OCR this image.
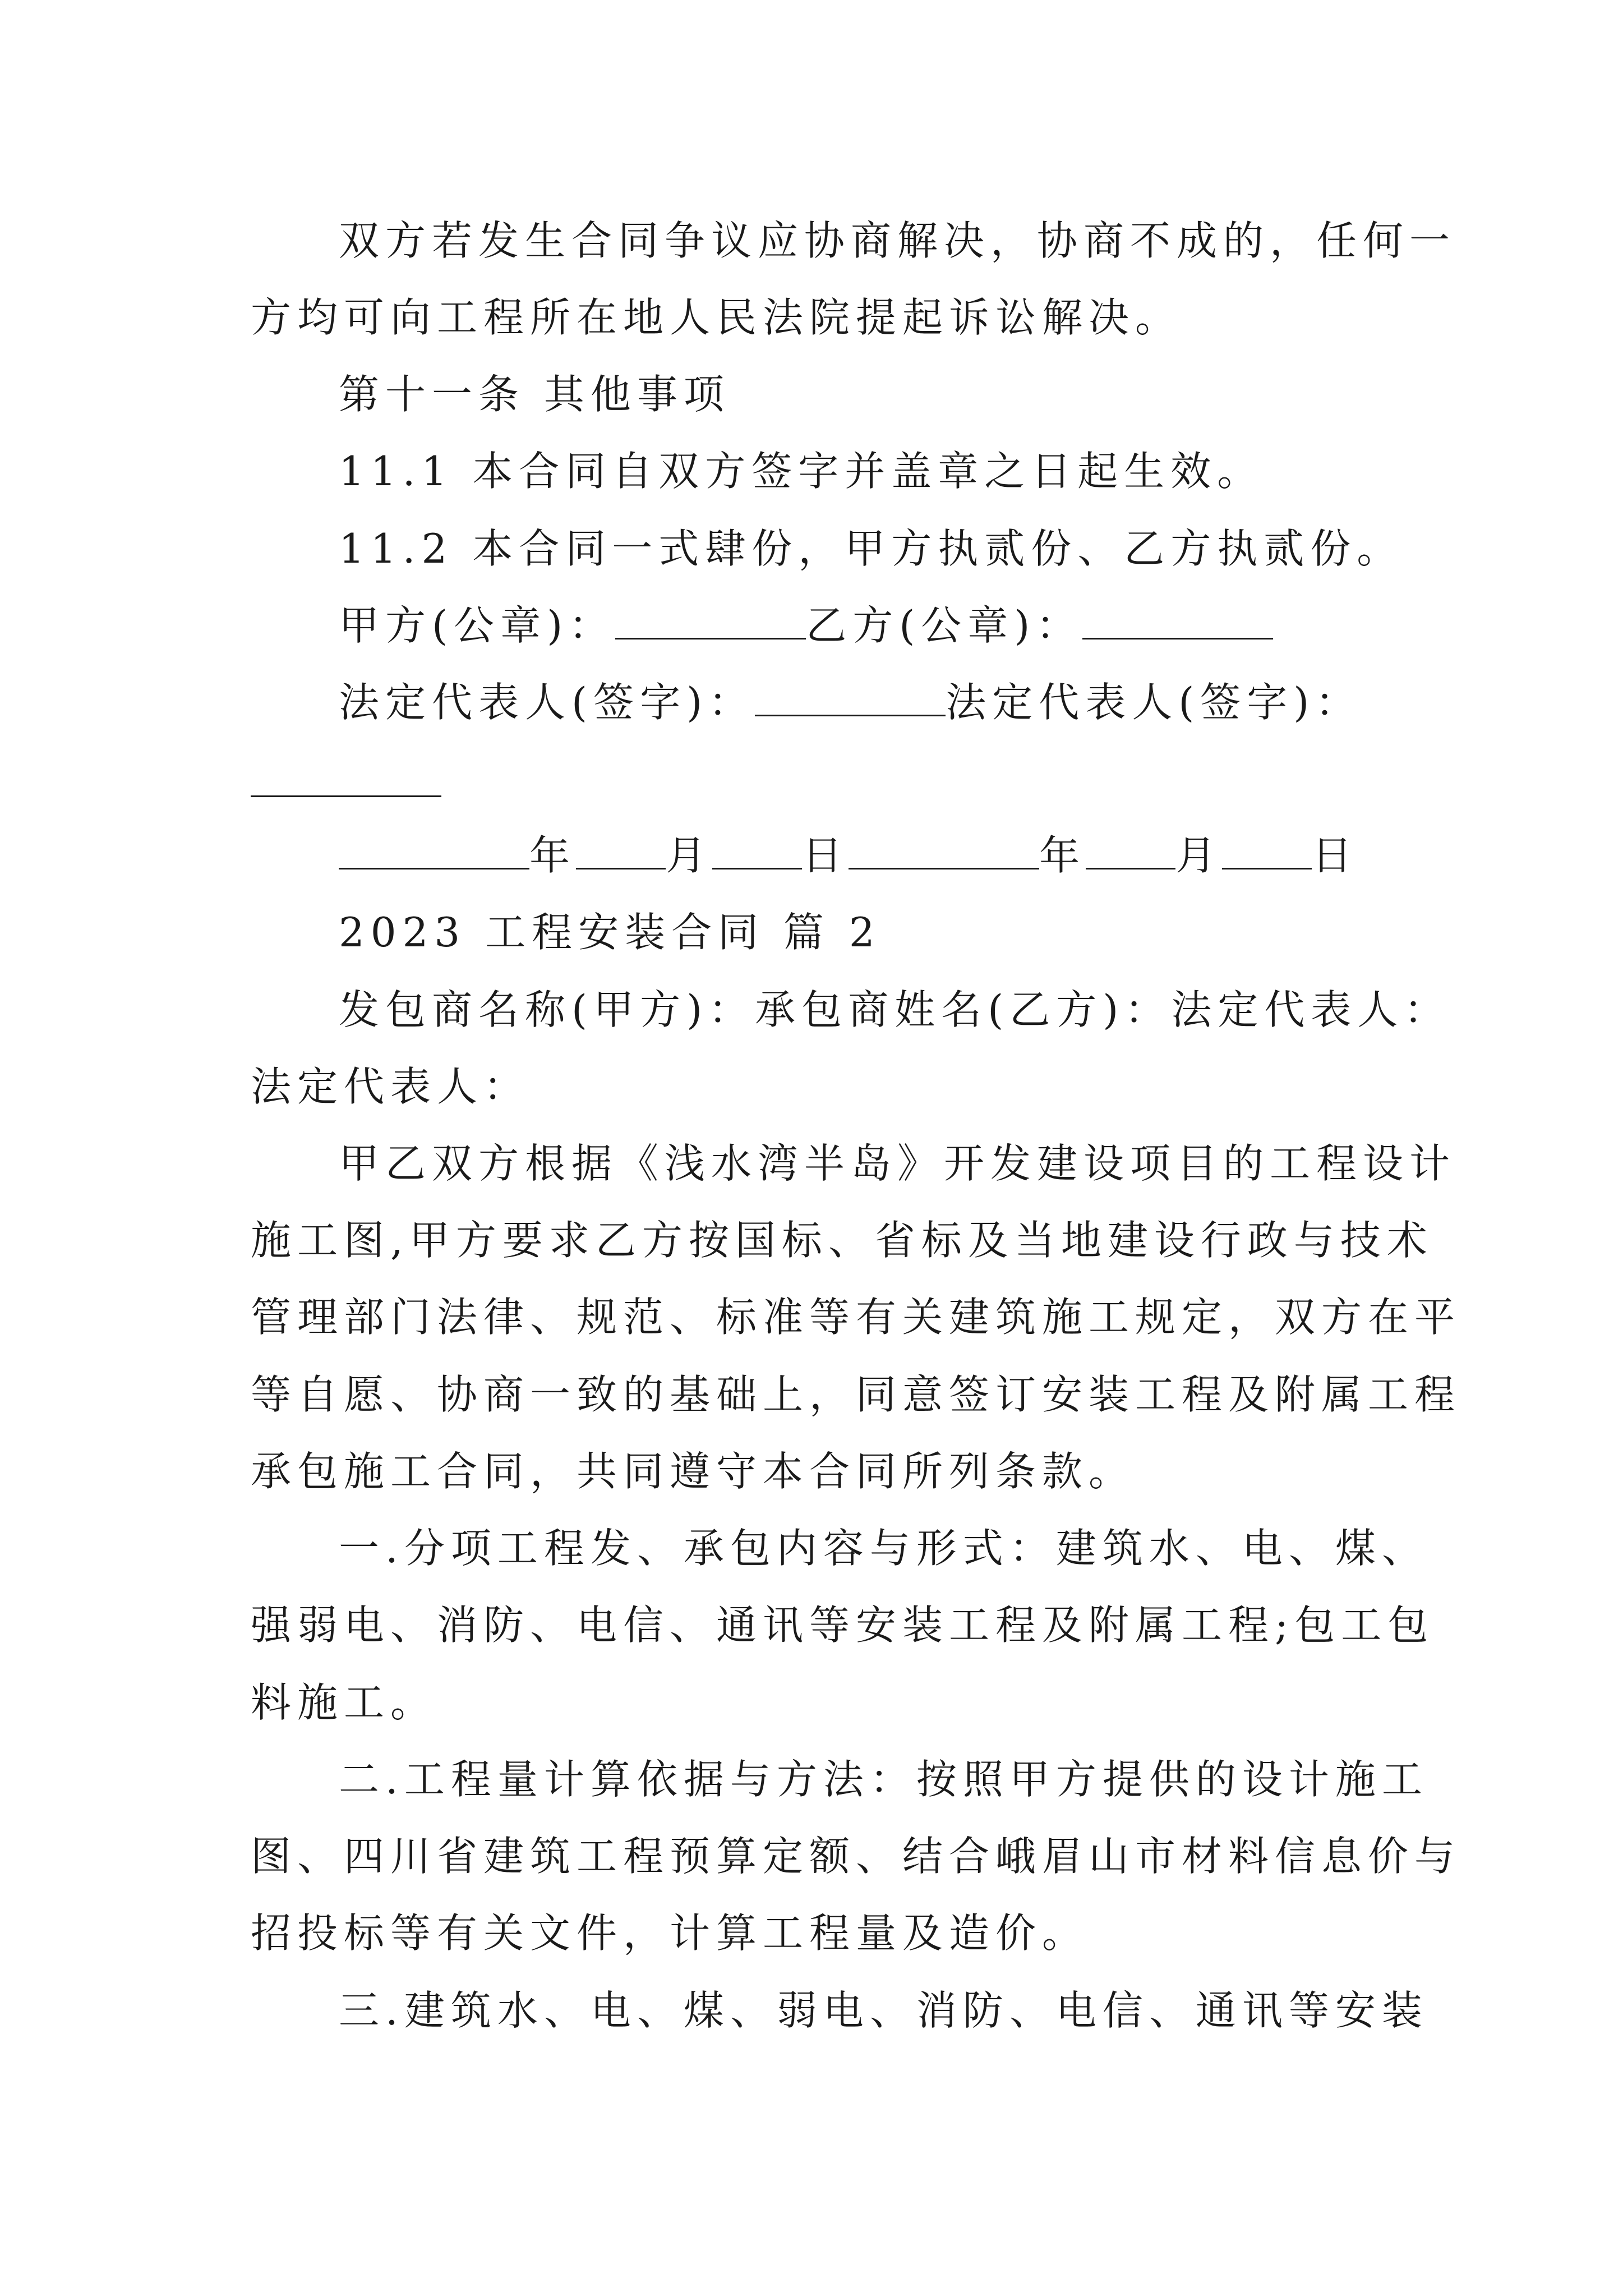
双方若发生合同争议应协商解决，协商不成的，任何一
方均可向工程所在地人民法院提起诉讼解决。
第十一条 其他事项
11.1 本合同自双方签字并盖章之日起生效。
11.2 本合同一式肆份，甲方执贰份、乙方执贰份。
甲方(公章)：	乙方(公章)：
法定代表人(签字)：	法定代表人(签字)：
年 月 日	年 月 日
2023 工程安装合同 篇 2
发包商名称(甲方)：承包商姓名(乙方)：法定代表人：
法定代表人：
甲乙双方根据《浅水湾半岛》开发建设项目的工程设计
施工图,甲方要求乙方按国标、省标及当地建设行政与技术
管理部门法律、规范、标准等有关建筑施工规定，双方在平
等自愿、协商一致的基础上，同意签订安装工程及附属工程
承包施工合同，共同遵守本合同所列条款。
一.分项工程发、承包内容与形式：建筑水、电、煤、
强弱电、消防、电信、通讯等安装工程及附属工程;包工包
料施工。
二.工程量计算依据与方法：按照甲方提供的设计施工
图、四川省建筑工程预算定额、结合峨眉山市材料信息价与
招投标等有关文件，计算工程量及造价。
三.建筑水、电、煤、弱电、消防、电信、通讯等安装
